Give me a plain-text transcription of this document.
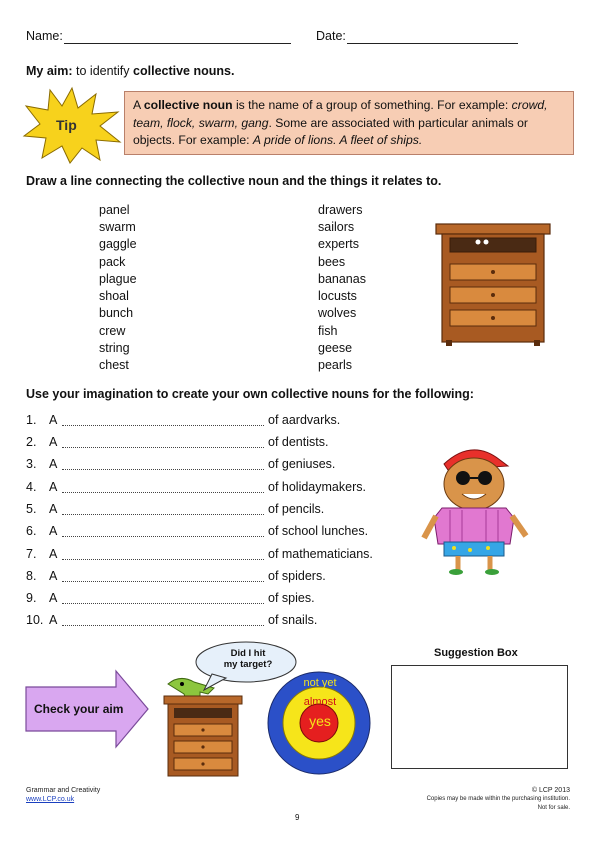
Name:	Date:
My aim: to identify collective nouns.
Tip
A collective noun is the name of a group of something. For example: crowd, team, flock, swarm, gang. Some are associated with particular animals or objects. For example: A pride of lions. A fleet of ships.
Draw a line connecting the collective noun and the things it relates to.
panel
swarm
gaggle
pack
plague
shoal
bunch
crew
string
chest
drawers
sailors
experts
bees
bananas
locusts
wolves
fish
geese
pearls
Use your imagination to create your own collective nouns for the following:
1. A	of aardvarks.
2. A	of dentists.
3. A	of geniuses.
4. A	of holidaymakers.
5. A	of pencils.
6. A	of school lunches.
7. A	of mathematicians.
8. A	of spiders.
9. A	of spies.
10. A	of snails.
Check your aim
Did I hit
my target?
not yet
almost
yes
Suggestion Box
Grammar and Creativity
www.LCP.co.uk
© LCP 2013
Copies may be made within the purchasing institution.
Not for sale.
9
